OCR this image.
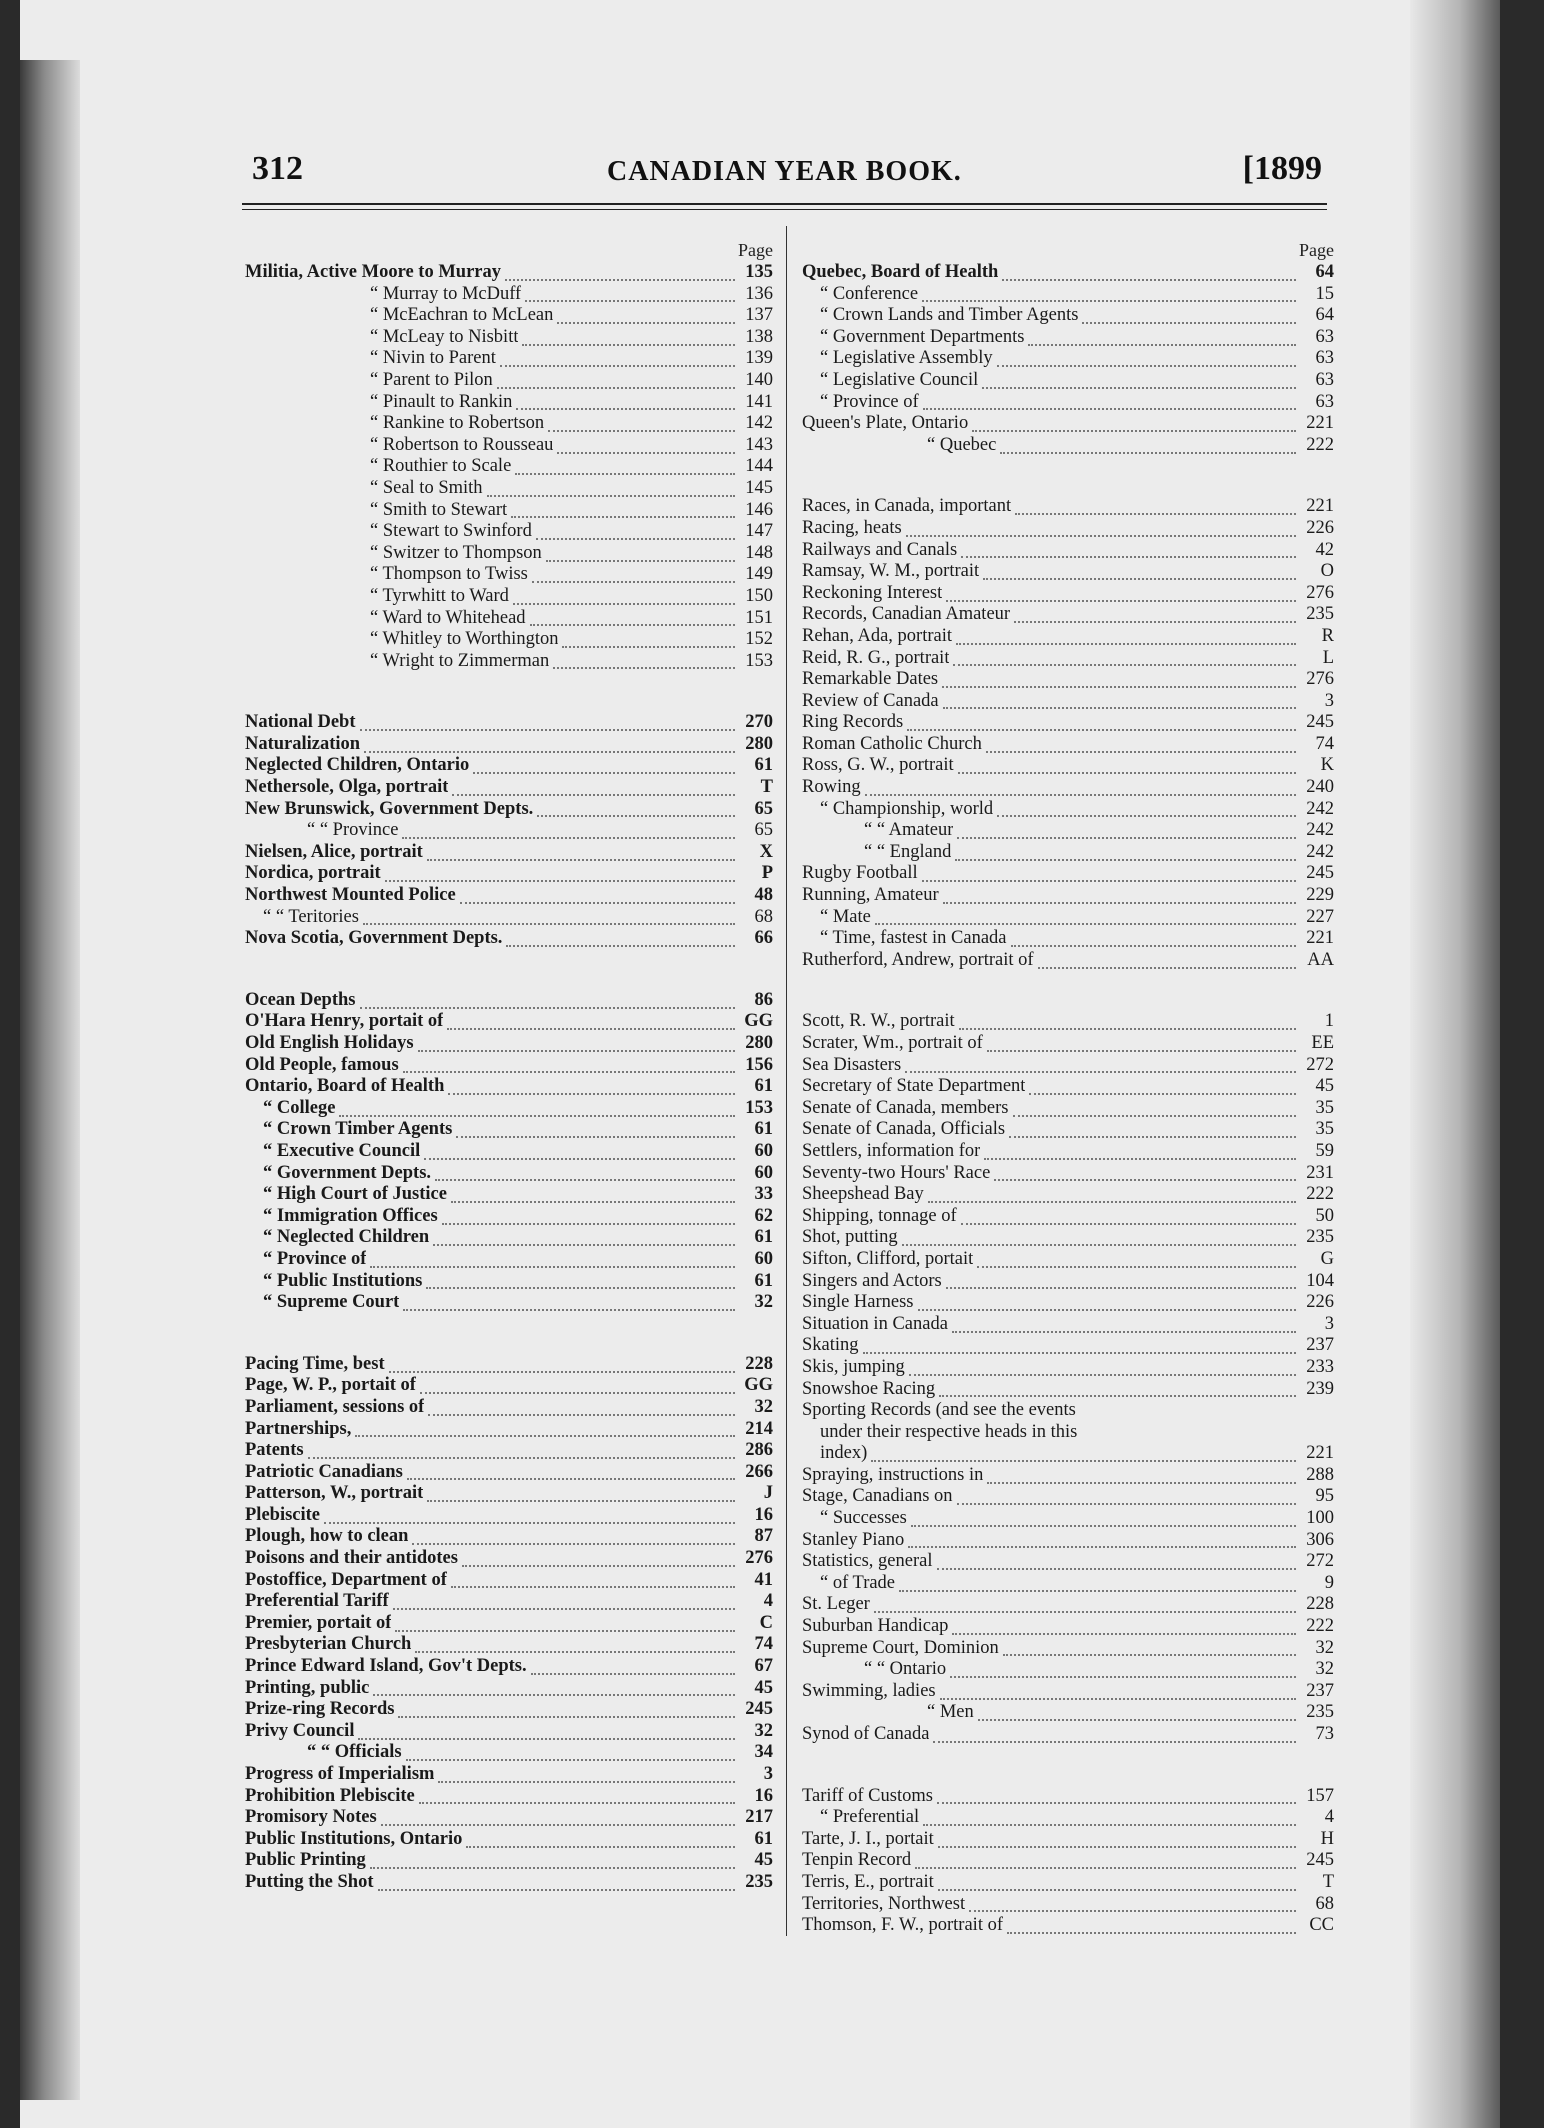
312	CANADIAN YEAR BOOK.	[1899
Page
Militia, Active Moore to Murray	135
“ Murray to McDuff	136
“ McEachran to McLean	137
“ McLeay to Nisbitt	138
“ Nivin to Parent	139
“ Parent to Pilon	140
“ Pinault to Rankin	141
“ Rankine to Robertson	142
“ Robertson to Rousseau	143
“ Routhier to Scale	144
“ Seal to Smith	145
“ Smith to Stewart	146
“ Stewart to Swinford	147
“ Switzer to Thompson	148
“ Thompson to Twiss	149
“ Tyrwhitt to Ward	150
“ Ward to Whitehead	151
“ Whitley to Worthington	152
“ Wright to Zimmerman	153
National Debt	270
Naturalization	280
Neglected Children, Ontario	61
Nethersole, Olga, portrait	T
New Brunswick, Government Depts.	65
“ “ Province	65
Nielsen, Alice, portrait	X
Nordica, portrait	P
Northwest Mounted Police	48
“ “ Teritories	68
Nova Scotia, Government Depts.	66
Ocean Depths	86
O'Hara Henry, portait of	GG
Old English Holidays	280
Old People, famous	156
Ontario, Board of Health	61
“ College	153
“ Crown Timber Agents	61
“ Executive Council	60
“ Government Depts.	60
“ High Court of Justice	33
“ Immigration Offices	62
“ Neglected Children	61
“ Province of	60
“ Public Institutions	61
“ Supreme Court	32
Pacing Time, best	228
Page, W. P., portait of	GG
Parliament, sessions of	32
Partnerships,	214
Patents	286
Patriotic Canadians	266
Patterson, W., portrait	J
Plebiscite	16
Plough, how to clean	87
Poisons and their antidotes	276
Postoffice, Department of	41
Preferential Tariff	4
Premier, portait of	C
Presbyterian Church	74
Prince Edward Island, Gov't Depts.	67
Printing, public	45
Prize-ring Records	245
Privy Council	32
“ “ Officials	34
Progress of Imperialism	3
Prohibition Plebiscite	16
Promisory Notes	217
Public Institutions, Ontario	61
Public Printing	45
Putting the Shot	235
Page
Quebec, Board of Health	64
“ Conference	15
“ Crown Lands and Timber Agents	64
“ Government Departments	63
“ Legislative Assembly	63
“ Legislative Council	63
“ Province of	63
Queen's Plate, Ontario	221
“ Quebec	222
Races, in Canada, important	221
Racing, heats	226
Railways and Canals	42
Ramsay, W. M., portrait	O
Reckoning Interest	276
Records, Canadian Amateur	235
Rehan, Ada, portrait	R
Reid, R. G., portrait	L
Remarkable Dates	276
Review of Canada	3
Ring Records	245
Roman Catholic Church	74
Ross, G. W., portrait	K
Rowing	240
“ Championship, world	242
“ “ Amateur	242
“ “ England	242
Rugby Football	245
Running, Amateur	229
“ Mate	227
“ Time, fastest in Canada	221
Rutherford, Andrew, portrait of	AA
Scott, R. W., portrait	1
Scrater, Wm., portrait of	EE
Sea Disasters	272
Secretary of State Department	45
Senate of Canada, members	35
Senate of Canada, Officials	35
Settlers, information for	59
Seventy-two Hours' Race	231
Sheepshead Bay	222
Shipping, tonnage of	50
Shot, putting	235
Sifton, Clifford, portait	G
Singers and Actors	104
Single Harness	226
Situation in Canada	3
Skating	237
Skis, jumping	233
Snowshoe Racing	239
Sporting Records (and see the events
under their respective heads in this
index)	221
Spraying, instructions in	288
Stage, Canadians on	95
“ Successes	100
Stanley Piano	306
Statistics, general	272
“ of Trade	9
St. Leger	228
Suburban Handicap	222
Supreme Court, Dominion	32
“ “ Ontario	32
Swimming, ladies	237
“ Men	235
Synod of Canada	73
Tariff of Customs	157
“ Preferential	4
Tarte, J. I., portait	H
Tenpin Record	245
Terris, E., portrait	T
Territories, Northwest	68
Thomson, F. W., portrait of	CC
